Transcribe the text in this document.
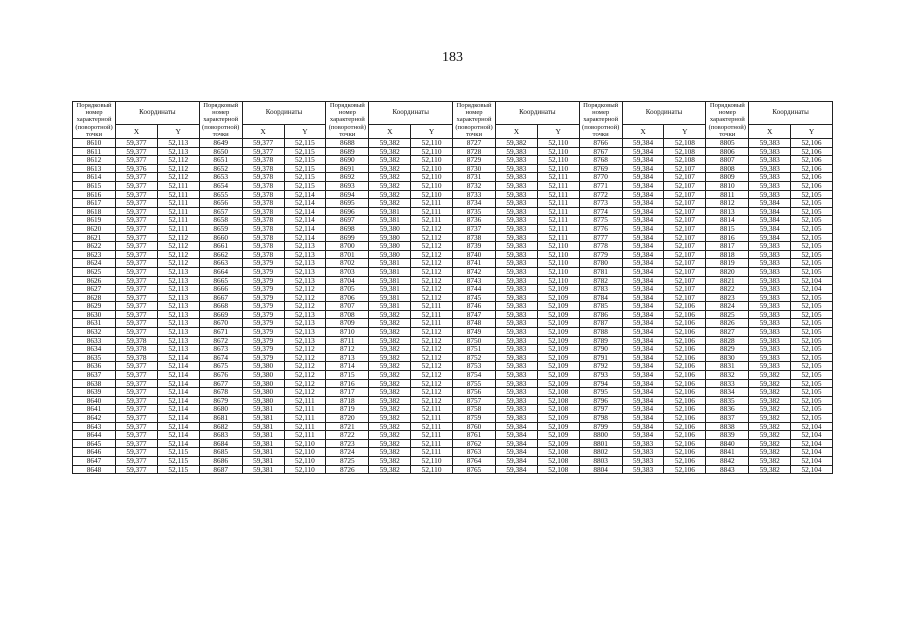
183
Порядковый номер характерной (поворотной) точки	Координаты		Порядковый номер характерной (поворотной) точки	Координаты		Порядковый номер характерной (поворотной) точки	Координаты		Порядковый номер характерной (поворотной) точки	Координаты		Порядковый номер характерной (поворотной) точки	Координаты		Порядковый номер характерной (поворотной) точки	Координаты	
	X	Y		X	Y		X	Y		X	Y		X	Y		X	Y
8610	59,377	52,113	8649	59,377	52,115	8688	59,382	52,110	8727	59,382	52,110	8766	59,384	52,108	8805	59,383	52,106
8611	59,377	52,113	8650	59,377	52,115	8689	59,382	52,110	8728	59,383	52,110	8767	59,384	52,108	8806	59,383	52,106
8612	59,377	52,112	8651	59,378	52,115	8690	59,382	52,110	8729	59,383	52,110	8768	59,384	52,108	8807	59,383	52,106
8613	59,376	52,112	8652	59,378	52,115	8691	59,382	52,110	8730	59,383	52,110	8769	59,384	52,107	8808	59,383	52,106
8614	59,377	52,112	8653	59,378	52,115	8692	59,382	52,110	8731	59,383	52,111	8770	59,384	52,107	8809	59,383	52,106
8615	59,377	52,111	8654	59,378	52,115	8693	59,382	52,110	8732	59,383	52,111	8771	59,384	52,107	8810	59,383	52,106
8616	59,377	52,111	8655	59,378	52,114	8694	59,382	52,110	8733	59,383	52,111	8772	59,384	52,107	8811	59,383	52,105
8617	59,377	52,111	8656	59,378	52,114	8695	59,382	52,111	8734	59,383	52,111	8773	59,384	52,107	8812	59,384	52,105
8618	59,377	52,111	8657	59,378	52,114	8696	59,381	52,111	8735	59,383	52,111	8774	59,384	52,107	8813	59,384	52,105
8619	59,377	52,111	8658	59,378	52,114	8697	59,381	52,111	8736	59,383	52,111	8775	59,384	52,107	8814	59,384	52,105
8620	59,377	52,111	8659	59,378	52,114	8698	59,380	52,112	8737	59,383	52,111	8776	59,384	52,107	8815	59,384	52,105
8621	59,377	52,112	8660	59,378	52,114	8699	59,380	52,112	8738	59,383	52,111	8777	59,384	52,107	8816	59,384	52,105
8622	59,377	52,112	8661	59,378	52,113	8700	59,380	52,112	8739	59,383	52,110	8778	59,384	52,107	8817	59,383	52,105
8623	59,377	52,112	8662	59,378	52,113	8701	59,380	52,112	8740	59,383	52,110	8779	59,384	52,107	8818	59,383	52,105
8624	59,377	52,112	8663	59,379	52,113	8702	59,381	52,112	8741	59,383	52,110	8780	59,384	52,107	8819	59,383	52,105
8625	59,377	52,113	8664	59,379	52,113	8703	59,381	52,112	8742	59,383	52,110	8781	59,384	52,107	8820	59,383	52,105
8626	59,377	52,113	8665	59,379	52,113	8704	59,381	52,112	8743	59,383	52,110	8782	59,384	52,107	8821	59,383	52,104
8627	59,377	52,113	8666	59,379	52,112	8705	59,381	52,112	8744	59,383	52,109	8783	59,384	52,107	8822	59,383	52,104
8628	59,377	52,113	8667	59,379	52,112	8706	59,381	52,112	8745	59,383	52,109	8784	59,384	52,107	8823	59,383	52,105
8629	59,377	52,113	8668	59,379	52,112	8707	59,381	52,111	8746	59,383	52,109	8785	59,384	52,106	8824	59,383	52,105
8630	59,377	52,113	8669	59,379	52,113	8708	59,382	52,111	8747	59,383	52,109	8786	59,384	52,106	8825	59,383	52,105
8631	59,377	52,113	8670	59,379	52,113	8709	59,382	52,111	8748	59,383	52,109	8787	59,384	52,106	8826	59,383	52,105
8632	59,377	52,113	8671	59,379	52,113	8710	59,382	52,112	8749	59,383	52,109	8788	59,384	52,106	8827	59,383	52,105
8633	59,378	52,113	8672	59,379	52,113	8711	59,382	52,112	8750	59,383	52,109	8789	59,384	52,106	8828	59,383	52,105
8634	59,378	52,113	8673	59,379	52,112	8712	59,382	52,112	8751	59,383	52,109	8790	59,384	52,106	8829	59,383	52,105
8635	59,378	52,114	8674	59,379	52,112	8713	59,382	52,112	8752	59,383	52,109	8791	59,384	52,106	8830	59,383	52,105
8636	59,377	52,114	8675	59,380	52,112	8714	59,382	52,112	8753	59,383	52,109	8792	59,384	52,106	8831	59,383	52,105
8637	59,377	52,114	8676	59,380	52,112	8715	59,382	52,112	8754	59,383	52,109	8793	59,384	52,106	8832	59,382	52,105
8638	59,377	52,114	8677	59,380	52,112	8716	59,382	52,112	8755	59,383	52,109	8794	59,384	52,106	8833	59,382	52,105
8639	59,377	52,114	8678	59,380	52,112	8717	59,382	52,112	8756	59,383	52,108	8795	59,384	52,106	8834	59,382	52,105
8640	59,377	52,114	8679	59,380	52,111	8718	59,382	52,112	8757	59,383	52,108	8796	59,384	52,106	8835	59,382	52,105
8641	59,377	52,114	8680	59,381	52,111	8719	59,382	52,111	8758	59,383	52,108	8797	59,384	52,106	8836	59,382	52,105
8642	59,377	52,114	8681	59,381	52,111	8720	59,382	52,111	8759	59,383	52,109	8798	59,384	52,106	8837	59,382	52,105
8643	59,377	52,114	8682	59,381	52,111	8721	59,382	52,111	8760	59,384	52,109	8799	59,384	52,106	8838	59,382	52,104
8644	59,377	52,114	8683	59,381	52,111	8722	59,382	52,111	8761	59,384	52,109	8800	59,384	52,106	8839	59,382	52,104
8645	59,377	52,114	8684	59,381	52,110	8723	59,382	52,111	8762	59,384	52,109	8801	59,383	52,106	8840	59,382	52,104
8646	59,377	52,115	8685	59,381	52,110	8724	59,382	52,111	8763	59,384	52,108	8802	59,383	52,106	8841	59,382	52,104
8647	59,377	52,115	8686	59,381	52,110	8725	59,382	52,110	8764	59,384	52,108	8803	59,383	52,106	8842	59,382	52,104
8648	59,377	52,115	8687	59,381	52,110	8726	59,382	52,110	8765	59,384	52,108	8804	59,383	52,106	8843	59,382	52,104
